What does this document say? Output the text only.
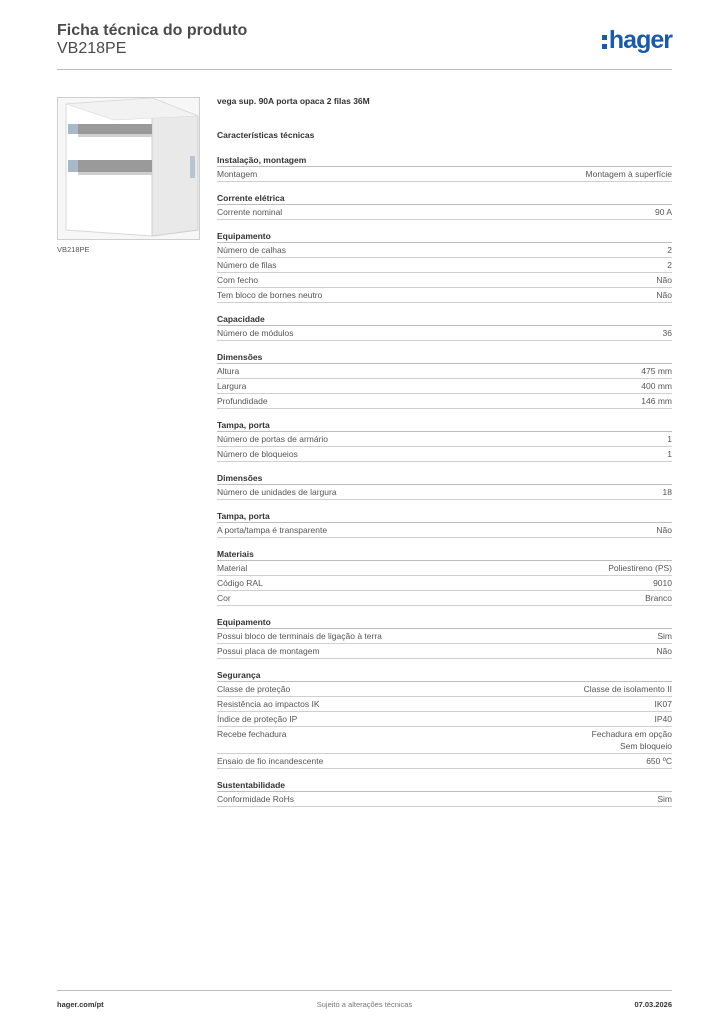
Ficha técnica do produto
VB218PE	hager
VB218PE
vega sup. 90A porta opaca 2 filas 36M
Características técnicas
Instalação, montagem
Montagem	Montagem à superfície
Corrente elétrica
Corrente nominal	90 A
Equipamento
Número de calhas	2
Número de filas	2
Com fecho	Não
Tem bloco de bornes neutro	Não
Capacidade
Número de módulos	36
Dimensões
Altura	475 mm
Largura	400 mm
Profundidade	146 mm
Tampa, porta
Número de portas de armário	1
Número de bloqueios	1
Dimensões
Número de unidades de largura	18
Tampa, porta
A porta/tampa é transparente	Não
Materiais
Material	Poliestireno (PS)
Código RAL	9010
Cor	Branco
Equipamento
Possui bloco de terminais de ligação à terra	Sim
Possui placa de montagem	Não
Segurança
Classe de proteção	Classe de isolamento II
Resistência ao impactos IK	IK07
Índice de proteção IP	IP40
Recebe fechadura	Fechadura em opção
Sem bloqueio
Ensaio de fio incandescente	650 ºC
Sustentabilidade
Conformidade RoHs	Sim
hager.com/pt	Sujeito a alterações técnicas	07.03.2026
